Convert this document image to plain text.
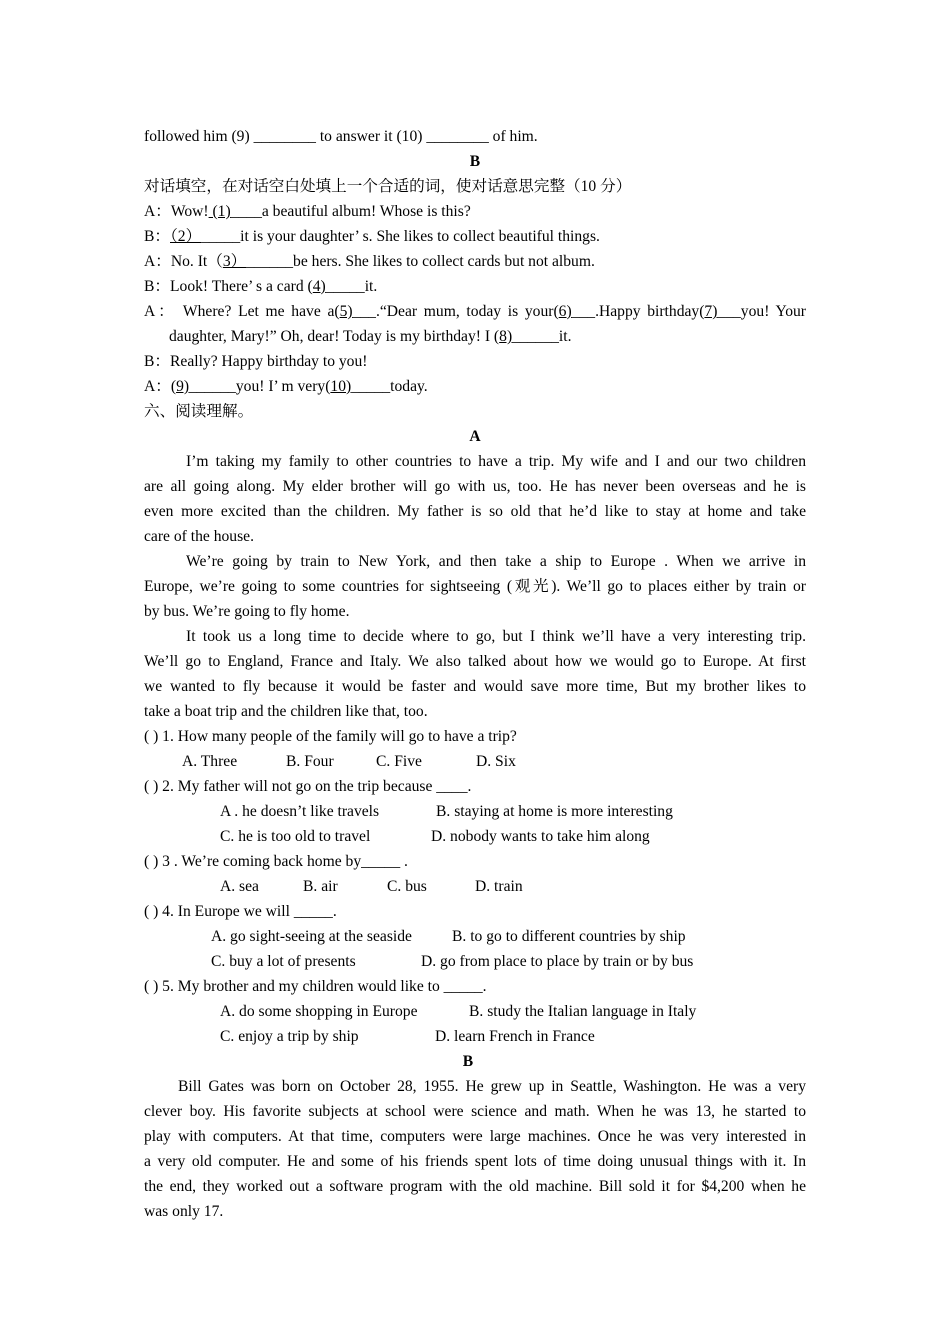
followed him (9) ________ to answer it (10) ________ of him.
B
对话填空，在对话空白处填上一个合适的词，使对话意思完整（10 分）
A：Wow! (1)____a beautiful album! Whose is this?
B：（2）_____it is your daughter’ s. She likes to collect beautiful things.
A：No. It（3）______be hers. She likes to collect cards but not album.
B：Look! There’ s a card (4)_____it.
A： Where? Let me have a(5)___.“Dear mum, today is your(6)___.Happy birthday(7)___you! Your
daughter, Mary!” Oh, dear! Today is my birthday! I (8)______it.
B：Really? Happy birthday to you!
A：(9)______you! I’ m very(10)_____today.
六、阅读理解。
A
I’m taking my family to other countries to have a trip. My wife and I and our two children
are all going along. My elder brother will go with us, too. He has never been overseas and he is
even more excited than the children. My father is so old that he’d like to stay at home and take
care of the house.
We’re going by train to New York, and then take a ship to Europe . When we arrive in
Europe, we’re going to some countries for sightseeing (观光). We’ll go to places either by train or
by bus. We’re going to fly home.
It took us a long time to decide where to go, but I think we’ll have a very interesting trip.
We’ll go to England, France and Italy. We also talked about how we would go to Europe. At first
we wanted to fly because it would be faster and would save more time, But my brother likes to
take a boat trip and the children like that, too.
( ) 1. How many people of the family will go to have a trip?
A. Three	B. Four	C. Five	D. Six
( ) 2. My father will not go on the trip because ____.
A . he doesn’t like travels	B. staying at home is more interesting
C. he is too old to travel	D. nobody wants to take him along
( ) 3 . We’re coming back home by_____ .
A. sea	B. air	C. bus	D. train
( ) 4. In Europe we will _____.
A. go sight-seeing at the seaside	B. to go to different countries by ship
C. buy a lot of presents	D. go from place to place by train or by bus
( ) 5. My brother and my children would like to _____.
A. do some shopping in Europe	B. study the Italian language in Italy
C. enjoy a trip by ship	D. learn French in France
B
Bill Gates was born on October 28, 1955. He grew up in Seattle, Washington. He was a very
clever boy. His favorite subjects at school were science and math. When he was 13, he started to
play with computers. At that time, computers were large machines. Once he was very interested in
a very old computer. He and some of his friends spent lots of time doing unusual things with it. In
the end, they worked out a software program with the old machine. Bill sold it for $4,200 when he
was only 17.
